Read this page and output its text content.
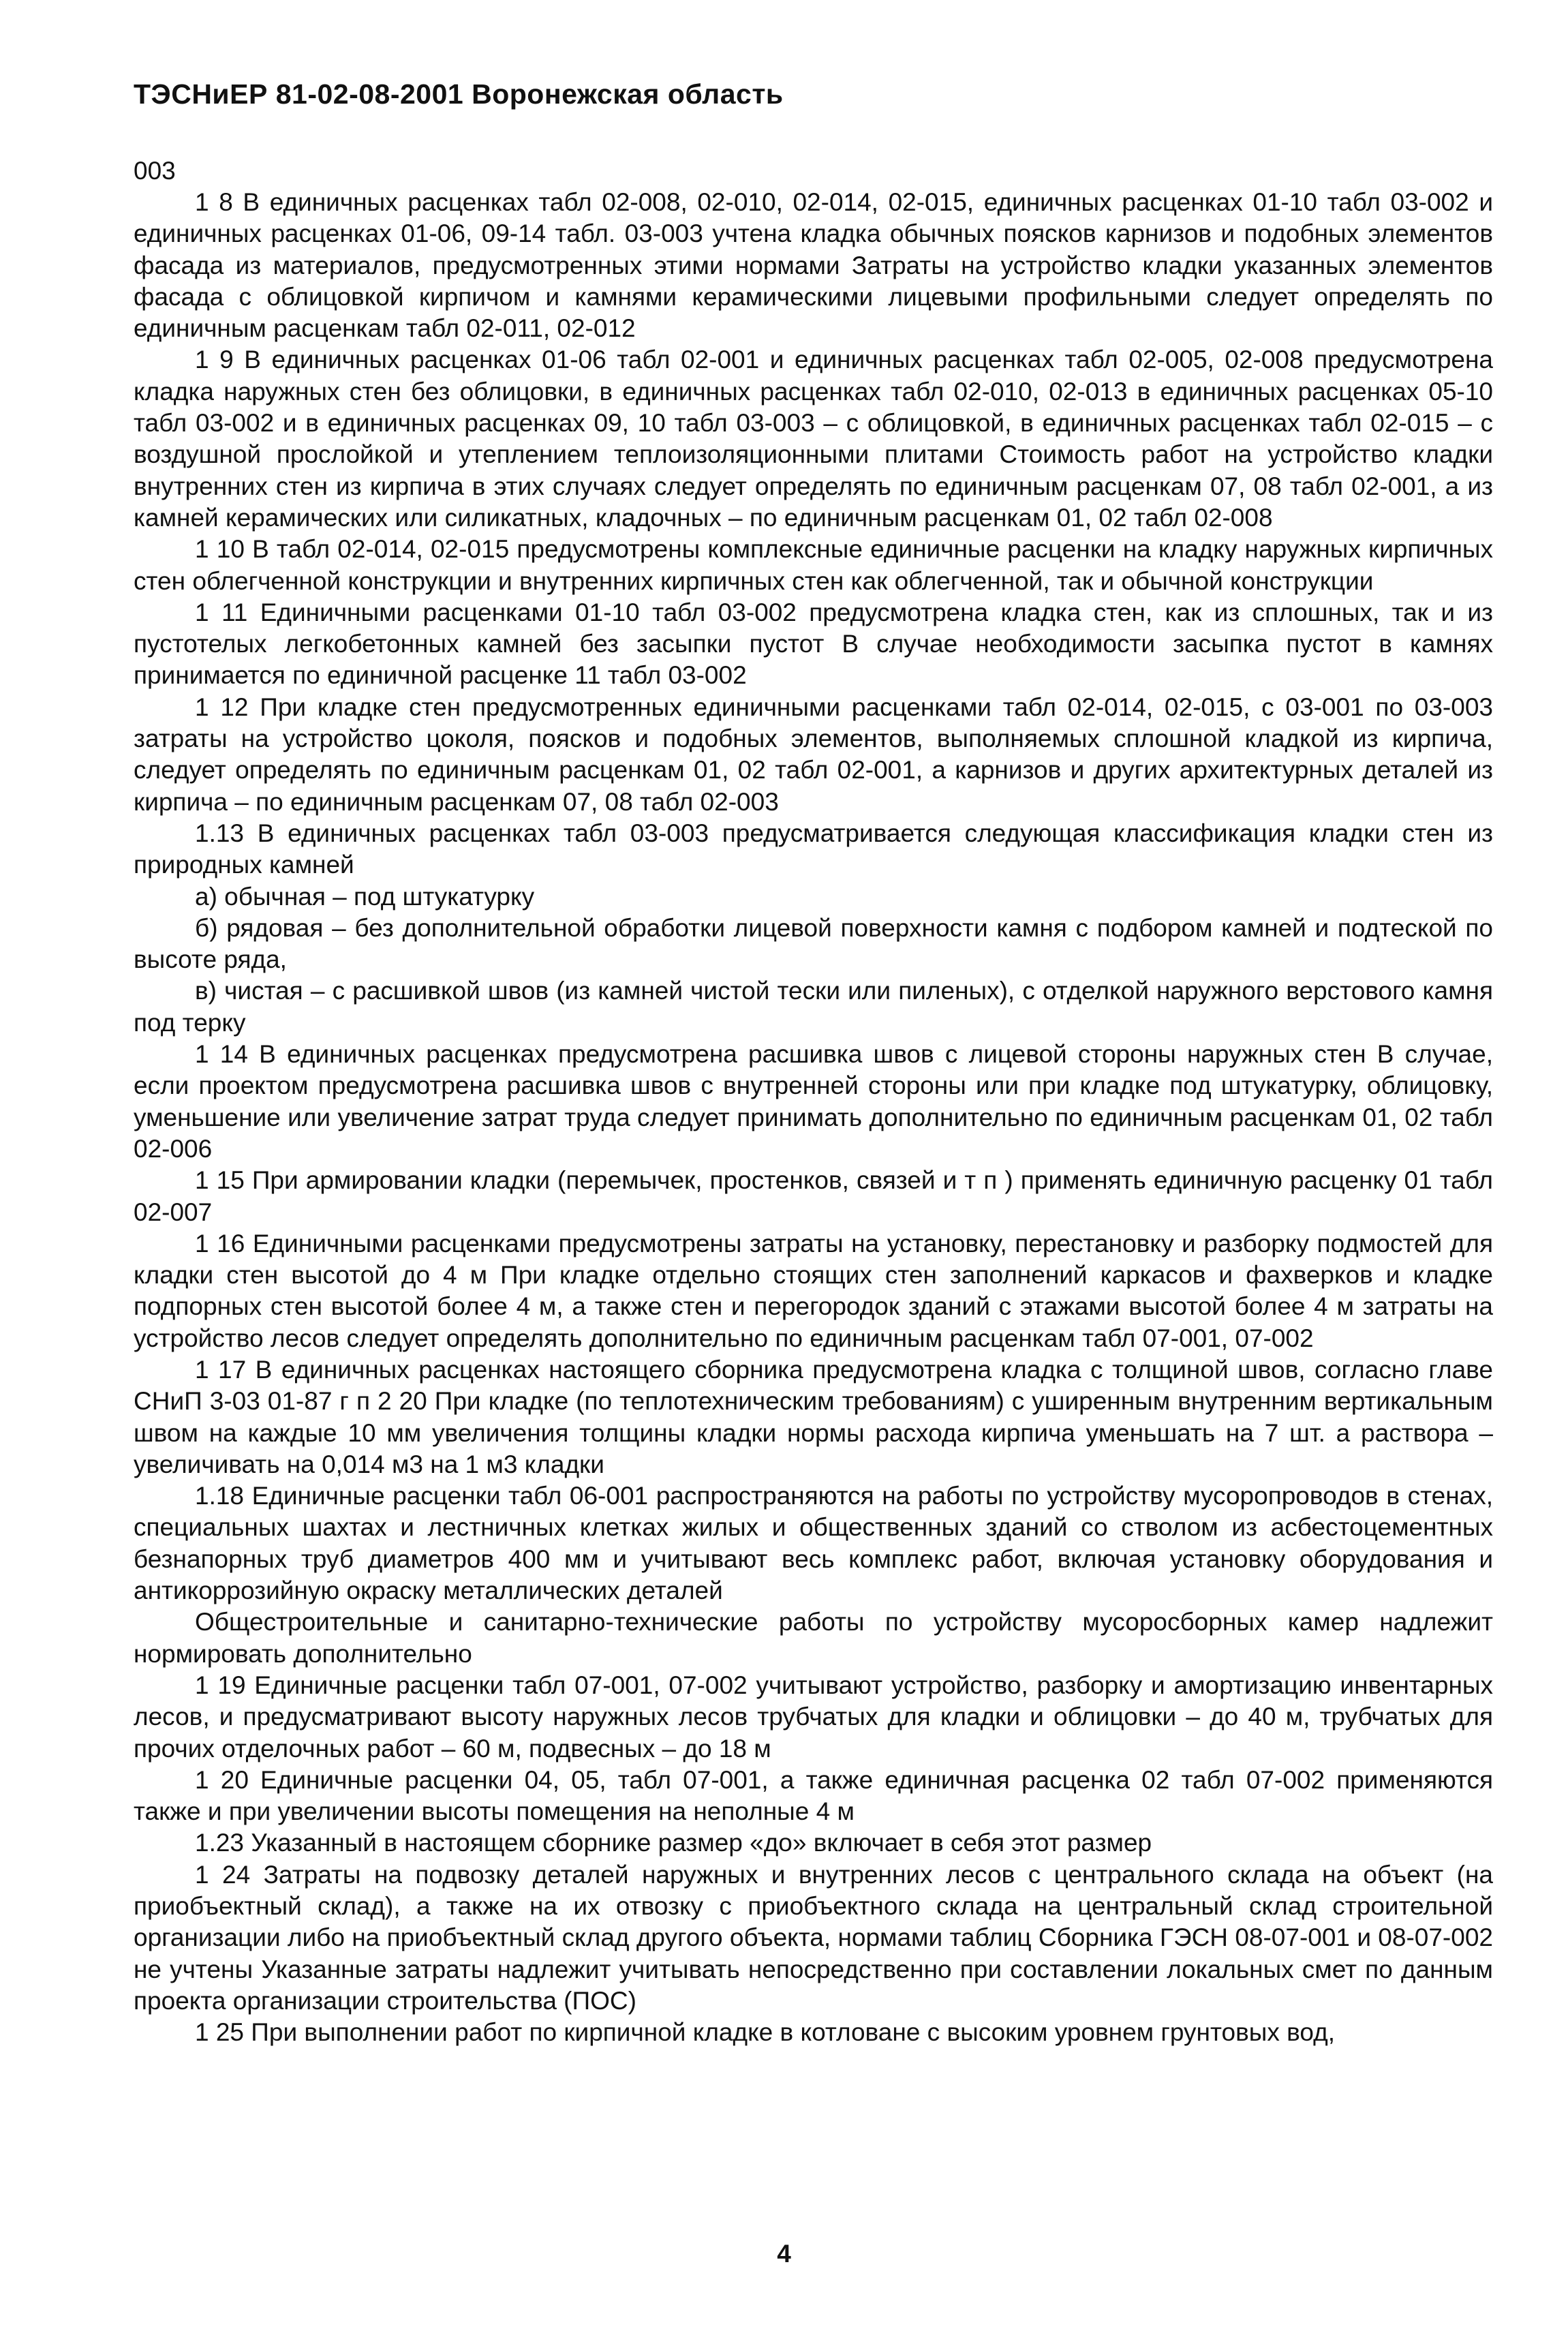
ТЭСНиЕР 81-02-08-2001 Воронежская область

003

1 8 В единичных расценках табл 02-008, 02-010, 02-014, 02-015, единичных расценках 01-10 табл 03-002 и единичных расценках 01-06, 09-14 табл. 03-003 учтена кладка обычных поясков карнизов и подобных элементов фасада из материалов, предусмотренных этими нормами Затраты на устройство кладки указанных элементов фасада с облицовкой кирпичом и камнями керамическими лицевыми профильными следует определять по единичным расценкам табл 02-011, 02-012

1 9 В единичных расценках 01-06 табл 02-001 и единичных расценках табл 02-005, 02-008 предусмотрена кладка наружных стен без облицовки, в единичных расценках табл 02-010, 02-013 в единичных расценках 05-10 табл 03-002 и в единичных расценках 09, 10 табл 03-003 – с облицовкой, в единичных расценках табл 02-015 – с воздушной прослойкой и утеплением теплоизоляционными плитами Стоимость работ на устройство кладки внутренних стен из кирпича в этих случаях следует определять по единичным расценкам 07, 08 табл 02-001, а из камней керамических или силикатных, кладочных – по единичным расценкам 01, 02 табл 02-008

1 10 В табл 02-014, 02-015 предусмотрены комплексные единичные расценки на кладку наружных кирпичных стен облегченной конструкции и внутренних кирпичных стен как облегченной, так и обычной конструкции

1 11 Единичными расценками 01-10 табл 03-002 предусмотрена кладка стен, как из сплошных, так и из пустотелых легкобетонных камней без засыпки пустот В случае необходимости засыпка пустот в камнях принимается по единичной расценке 11 табл 03-002

1 12 При кладке стен предусмотренных единичными расценками табл 02-014, 02-015, с 03-001 по 03-003 затраты на устройство цоколя, поясков и подобных элементов, выполняемых сплошной кладкой из кирпича, следует определять по единичным расценкам 01, 02 табл 02-001, а карнизов и других архитектурных деталей из кирпича – по единичным расценкам 07, 08 табл 02-003

1.13 В единичных расценках табл 03-003 предусматривается следующая классификация кладки стен из природных камней

а) обычная – под штукатурку

б) рядовая – без дополнительной обработки лицевой поверхности камня с подбором камней и подтеской по высоте ряда,

в) чистая – с расшивкой швов (из камней чистой тески или пиленых), с отделкой наружного верстового камня под терку

1 14 В единичных расценках предусмотрена расшивка швов с лицевой стороны наружных стен В случае, если проектом предусмотрена расшивка швов с внутренней стороны или при кладке под штукатурку, облицовку, уменьшение или увеличение затрат труда следует принимать дополнительно по единичным расценкам 01, 02 табл 02-006

1 15 При армировании кладки (перемычек, простенков, связей и т п ) применять единичную расценку 01 табл 02-007

1 16 Единичными расценками предусмотрены затраты на установку, перестановку и разборку подмостей для кладки стен высотой до 4 м При кладке отдельно стоящих стен заполнений каркасов и фахверков и кладке подпорных стен высотой более 4 м, а также стен и перегородок зданий с этажами высотой более 4 м затраты на устройство лесов следует определять дополнительно по единичным расценкам табл 07-001, 07-002

1 17 В единичных расценках настоящего сборника предусмотрена кладка с толщиной швов, согласно главе СНиП 3-03 01-87 г п 2 20 При кладке (по теплотехническим требованиям) с уширенным внутренним вертикальным швом на каждые 10 мм увеличения толщины кладки нормы расхода кирпича уменьшать на 7 шт. а раствора – увеличивать на 0,014 м3 на 1 м3 кладки

1.18 Единичные расценки табл 06-001 распространяются на работы по устройству мусоропроводов в стенах, специальных шахтах и лестничных клетках жилых и общественных зданий со стволом из асбестоцементных безнапорных труб диаметров 400 мм и учитывают весь комплекс работ, включая установку оборудования и антикоррозийную окраску металлических деталей

Общестроительные и санитарно-технические работы по устройству мусоросборных камер надлежит нормировать дополнительно

1 19 Единичные расценки табл 07-001, 07-002 учитывают устройство, разборку и амортизацию инвентарных лесов, и предусматривают высоту наружных лесов трубчатых для кладки и облицовки – до 40 м, трубчатых для прочих отделочных работ – 60 м, подвесных – до 18 м

1 20 Единичные расценки 04, 05, табл 07-001, а также единичная расценка 02 табл 07-002 применяются также и при увеличении высоты помещения на неполные 4 м

1.23 Указанный в настоящем сборнике размер «до» включает в себя этот размер

1 24 Затраты на подвозку деталей наружных и внутренних лесов с центрального склада на объект (на приобъектный склад), а также на их отвозку с приобъектного склада на центральный склад строительной организации либо на приобъектный склад другого объекта, нормами таблиц Сборника ГЭСН 08-07-001 и 08-07-002 не учтены Указанные затраты надлежит учитывать непосредственно при составлении локальных смет по данным проекта организации строительства (ПОС)

1 25 При выполнении работ по кирпичной кладке в котловане с высоким уровнем грунтовых вод,

4
